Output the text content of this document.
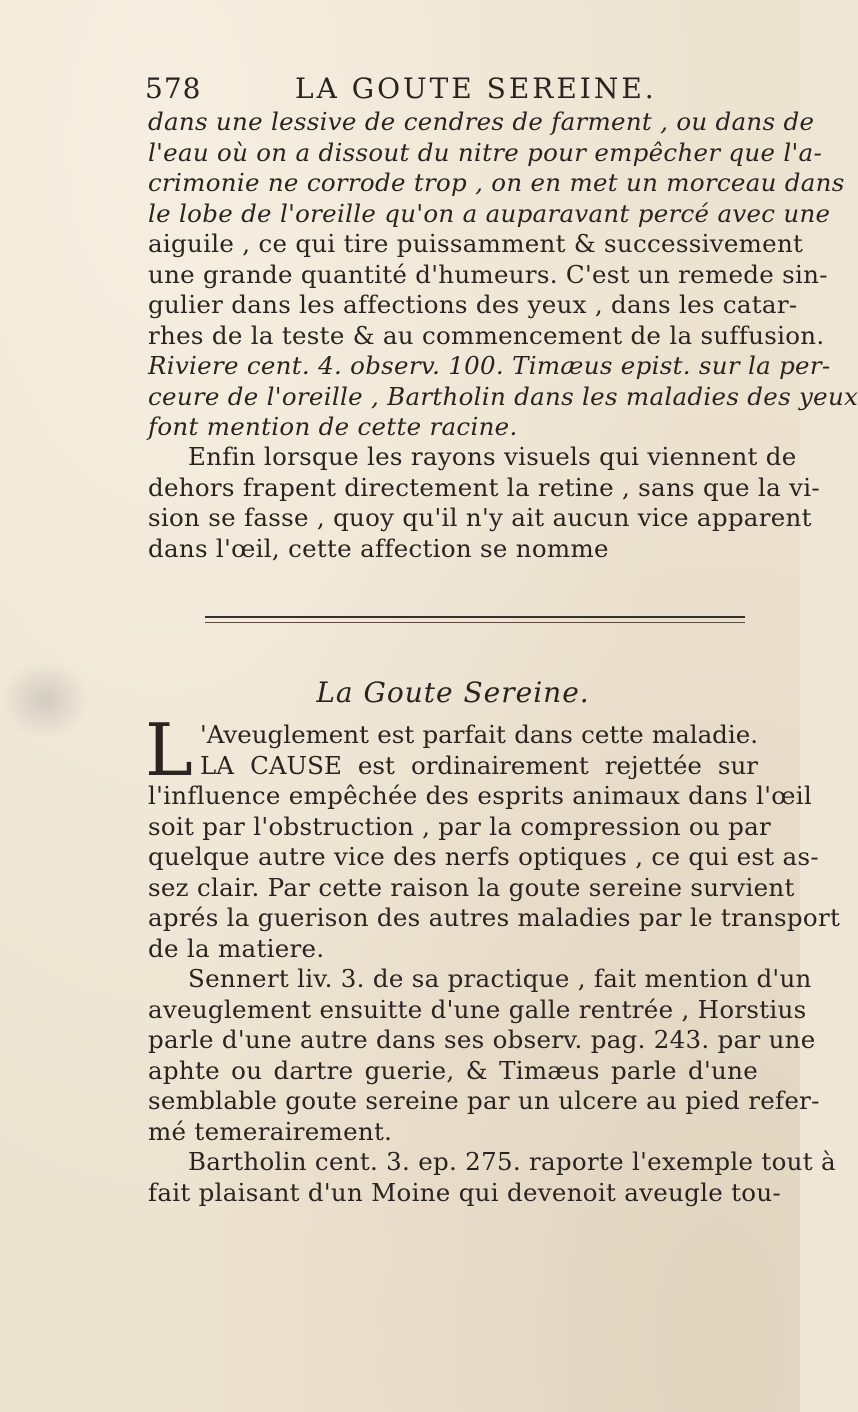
578	LA GOUTE SEREINE.
dans une lessive de cendres de farment , ou dans de
l'eau où on a dissout du nitre pour empêcher que l'a-
crimonie ne corrode trop , on en met un morceau dans
le lobe de l'oreille qu'on a auparavant percé avec une
aiguile , ce qui tire puissamment & successivement
une grande quantité d'humeurs. C'est un remede sin-
gulier dans les affections des yeux , dans les catar-
rhes de la teste & au commencement de la suffusion.
Riviere cent. 4. observ. 100. Timæus epist. sur la per-
ceure de l'oreille , Bartholin dans les maladies des yeux
font mention de cette racine.
Enfin lorsque les rayons visuels qui viennent de
dehors frapent directement la retine , sans que la vi-
sion se fasse , quoy qu'il n'y ait aucun vice apparent
dans l'œil, cette affection se nomme
La Goute Sereine.
L 'Aveuglement est parfait dans cette maladie.
LA CAUSE est ordinairement rejettée sur
l'influence empêchée des esprits animaux dans l'œil
soit par l'obstruction , par la compression ou par
quelque autre vice des nerfs optiques , ce qui est as-
sez clair. Par cette raison la goute sereine survient
aprés la guerison des autres maladies par le transport
de la matiere.
Sennert liv. 3. de sa practique , fait mention d'un
aveuglement ensuitte d'une galle rentrée , Horstius
parle d'une autre dans ses observ. pag. 243. par une
aphte ou dartre guerie, & Timæus parle d'une
semblable goute sereine par un ulcere au pied refer-
mé temerairement.
Bartholin cent. 3. ep. 275. raporte l'exemple tout à
fait plaisant d'un Moine qui devenoit aveugle tou-
